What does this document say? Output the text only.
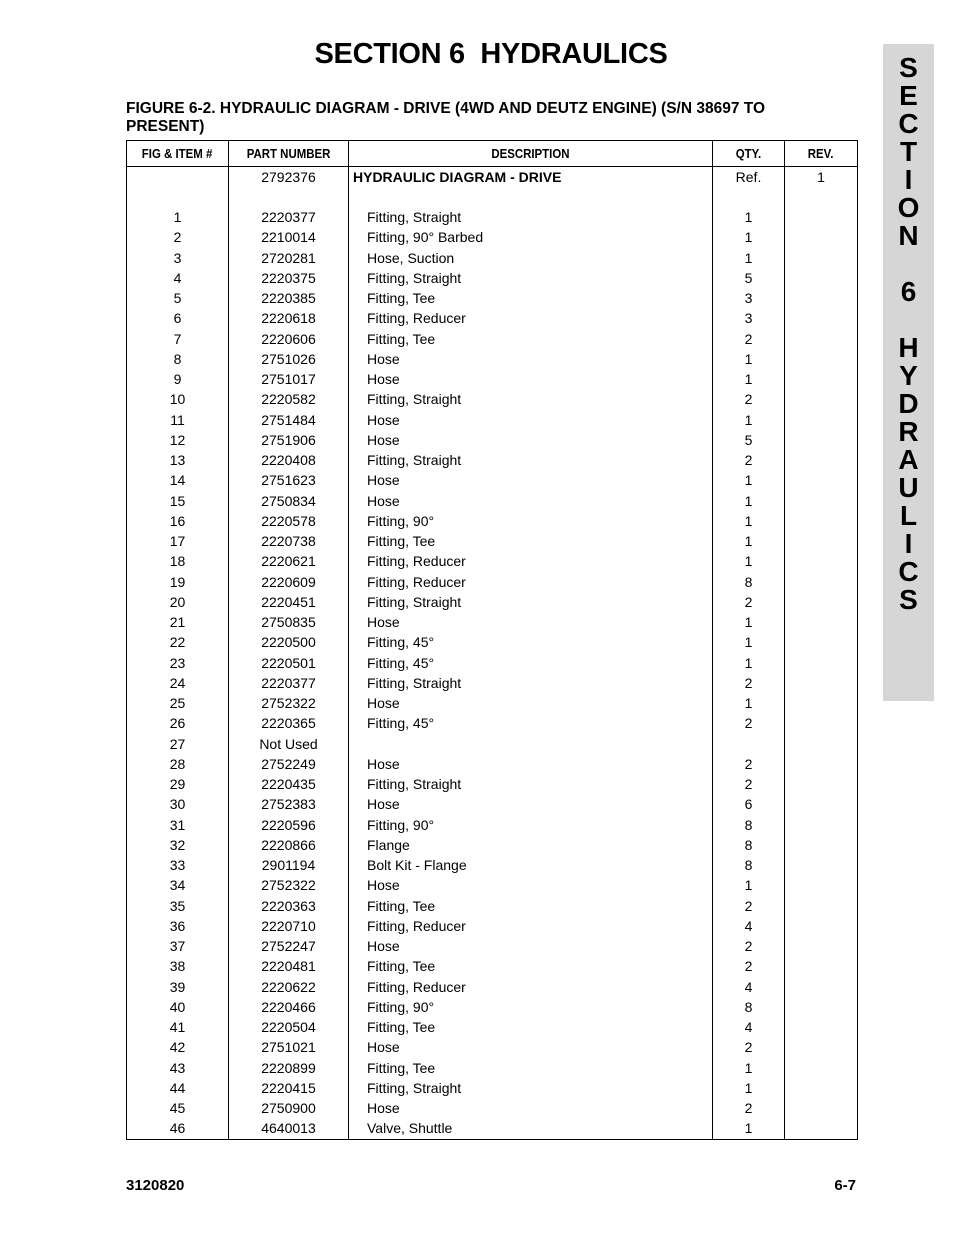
SECTION 6  HYDRAULICS
FIGURE 6-2. HYDRAULIC DIAGRAM - DRIVE (4WD AND DEUTZ ENGINE) (S/N 38697 TO PRESENT)
S
E
C
T
I
O
N
6
H
Y
D
R
A
U
L
I
C
S
FIG & ITEM #	PART NUMBER	DESCRIPTION	QTY.	REV.
	2792376	HYDRAULIC DIAGRAM - DRIVE	Ref.	1

1	2220377	Fitting, Straight	1	
2	2210014	Fitting, 90° Barbed	1	
3	2720281	Hose, Suction	1	
4	2220375	Fitting, Straight	5	
5	2220385	Fitting, Tee	3	
6	2220618	Fitting, Reducer	3	
7	2220606	Fitting, Tee	2	
8	2751026	Hose	1	
9	2751017	Hose	1	
10	2220582	Fitting, Straight	2	
11	2751484	Hose	1	
12	2751906	Hose	5	
13	2220408	Fitting, Straight	2	
14	2751623	Hose	1	
15	2750834	Hose	1	
16	2220578	Fitting, 90°	1	
17	2220738	Fitting, Tee	1	
18	2220621	Fitting, Reducer	1	
19	2220609	Fitting, Reducer	8	
20	2220451	Fitting, Straight	2	
21	2750835	Hose	1	
22	2220500	Fitting, 45°	1	
23	2220501	Fitting, 45°	1	
24	2220377	Fitting, Straight	2	
25	2752322	Hose	1	
26	2220365	Fitting, 45°	2	
27	Not Used			
28	2752249	Hose	2	
29	2220435	Fitting, Straight	2	
30	2752383	Hose	6	
31	2220596	Fitting, 90°	8	
32	2220866	Flange	8	
33	2901194	Bolt Kit - Flange	8	
34	2752322	Hose	1	
35	2220363	Fitting, Tee	2	
36	2220710	Fitting, Reducer	4	
37	2752247	Hose	2	
38	2220481	Fitting, Tee	2	
39	2220622	Fitting, Reducer	4	
40	2220466	Fitting, 90°	8	
41	2220504	Fitting, Tee	4	
42	2751021	Hose	2	
43	2220899	Fitting, Tee	1	
44	2220415	Fitting, Straight	1	
45	2750900	Hose	2	
46	4640013	Valve, Shuttle	1	
3120820	6-7
